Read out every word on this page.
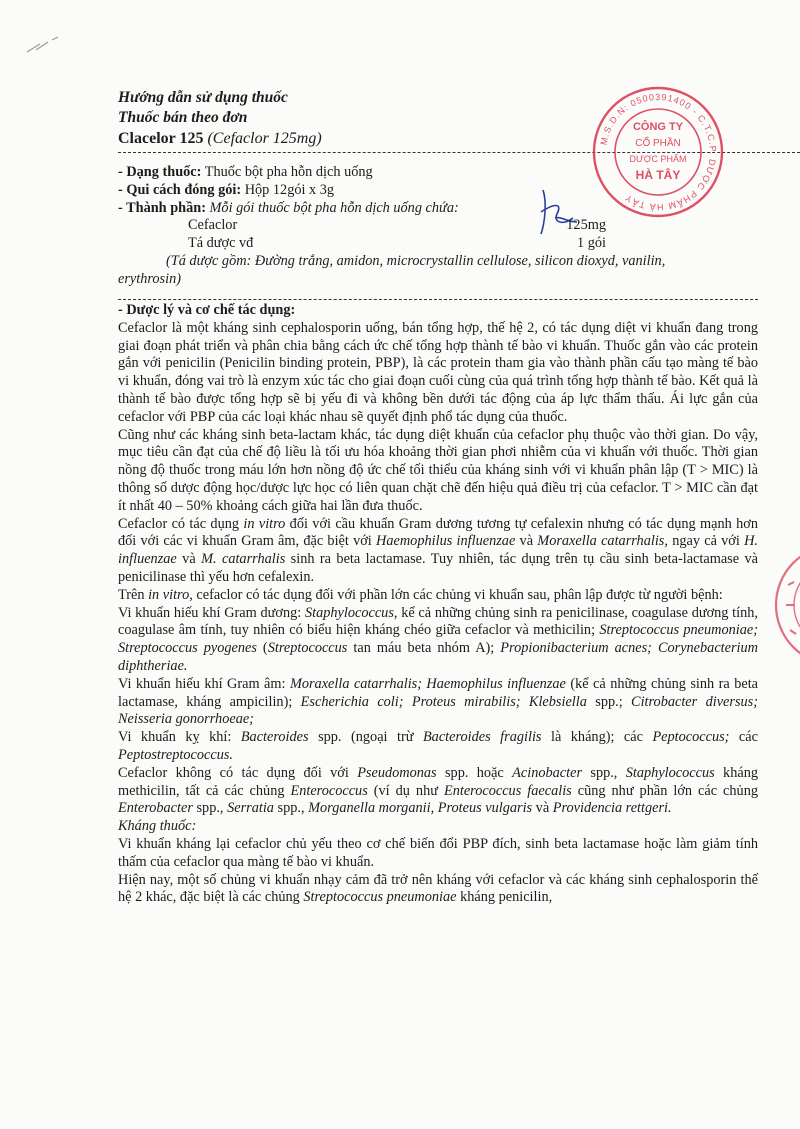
Hướng dẫn sử dụng thuốc
Thuốc bán theo đơn
Clacelor 125 (Cefaclor 125mg)	M.S.D.N: 0500391400 - C.T.C.P. DƯỢC PHẨM HÀ TÂY
CÔNG TY
CỔ PHẦN
DƯỢC PHẨM
HÀ TÂY
- Dạng thuốc: Thuốc bột pha hỗn dịch uống
- Qui cách đóng gói: Hộp 12gói x 3g
- Thành phần: Mỗi gói thuốc bột pha hỗn dịch uống chứa:
Cefaclor	125mg
Tá dược vđ	1 gói
(Tá dược gồm: Đường trắng, amidon, microcrystallin cellulose, silicon dioxyd, vanilin,
erythrosin)
- Dược lý và cơ chế tác dụng:

Cefaclor là một kháng sinh cephalosporin uống, bán tổng hợp, thế hệ 2, có tác dụng diệt vi khuẩn đang trong giai đoạn phát triển và phân chia bằng cách ức chế tổng hợp thành tế bào vi khuẩn. Thuốc gắn vào các protein gắn với penicilin (Penicilin binding protein, PBP), là các protein tham gia vào thành phần cấu tạo màng tế bào vi khuẩn, đóng vai trò là enzym xúc tác cho giai đoạn cuối cùng của quá trình tổng hợp thành tế bào. Kết quả là thành tế bào được tổng hợp sẽ bị yếu đi và không bền dưới tác động của áp lực thẩm thấu. Ái lực gắn của cefaclor với PBP của các loại khác nhau sẽ quyết định phổ tác dụng của thuốc.

Cũng như các kháng sinh beta-lactam khác, tác dụng diệt khuẩn của cefaclor phụ thuộc vào thời gian. Do vậy, mục tiêu cần đạt của chế độ liều là tối ưu hóa khoảng thời gian phơi nhiễm của vi khuẩn với thuốc. Thời gian nồng độ thuốc trong máu lớn hơn nồng độ ức chế tối thiểu của kháng sinh với vi khuẩn phân lập (T > MIC) là thông số dược động học/dược lực học có liên quan chặt chẽ đến hiệu quả điều trị của cefaclor. T > MIC cần đạt ít nhất 40 – 50% khoảng cách giữa hai lần đưa thuốc.

Cefaclor có tác dụng in vitro đối với cầu khuẩn Gram dương tương tự cefalexin nhưng có tác dụng mạnh hơn đối với các vi khuẩn Gram âm, đặc biệt với Haemophilus influenzae và Moraxella catarrhalis, ngay cả với H. influenzae và M. catarrhalis sinh ra beta lactamase. Tuy nhiên, tác dụng trên tụ cầu sinh beta-lactamase và penicilinase thì yếu hơn cefalexin.

Trên in vitro, cefaclor có tác dụng đối với phần lớn các chủng vi khuẩn sau, phân lập được từ người bệnh:

Vi khuẩn hiếu khí Gram dương: Staphylococcus, kể cả những chủng sinh ra penicilinase, coagulase dương tính, coagulase âm tính, tuy nhiên có biểu hiện kháng chéo giữa cefaclor và methicilin; Streptococcus pneumoniae; Streptococcus pyogenes (Streptococcus tan máu beta nhóm A); Propionibacterium acnes; Corynebacterium diphtheriae.

Vi khuẩn hiếu khí Gram âm: Moraxella catarrhalis; Haemophilus influenzae (kể cả những chủng sinh ra beta lactamase, kháng ampicilin); Escherichia coli; Proteus mirabilis; Klebsiella spp.; Citrobacter diversus; Neisseria gonorrhoeae;

Vi khuẩn kỵ khí: Bacteroides spp. (ngoại trừ Bacteroides fragilis là kháng); các Peptococcus; các Peptostreptococcus.

Cefaclor không có tác dụng đối với Pseudomonas spp. hoặc Acinobacter spp., Staphylococcus kháng methicilin, tất cả các chủng Enterococcus (ví dụ như Enterococcus faecalis cũng như phần lớn các chủng Enterobacter spp., Serratia spp., Morganella morganii, Proteus vulgaris và Providencia rettgeri.

Kháng thuốc:

Vi khuẩn kháng lại cefaclor chủ yếu theo cơ chế biến đổi PBP đích, sinh beta lactamase hoặc làm giảm tính thấm của cefaclor qua màng tế bào vi khuẩn.

Hiện nay, một số chủng vi khuẩn nhạy cảm đã trở nên kháng với cefaclor và các kháng sinh cephalosporin thế hệ 2 khác, đặc biệt là các chủng Streptococcus pneumoniae kháng penicilin,
